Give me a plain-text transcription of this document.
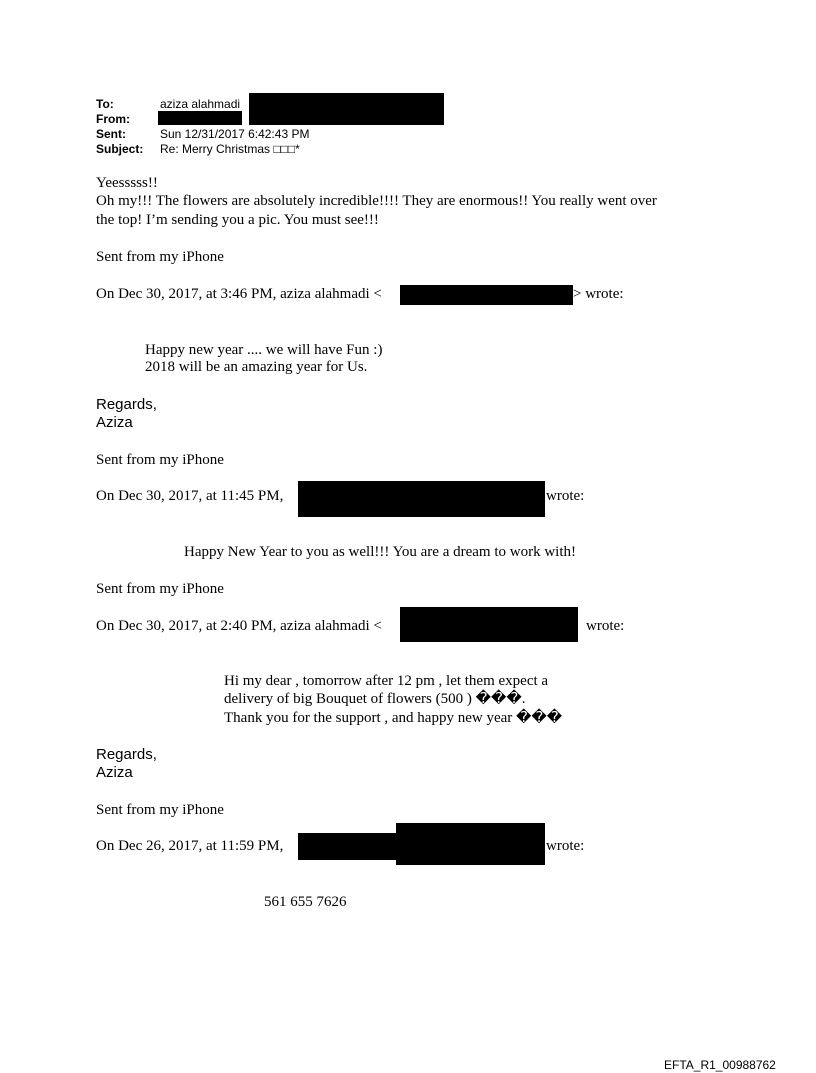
To:	aziza alahmadi
From:
Sent:	Sun 12/31/2017 6:42:43 PM
Subject: Re: Merry Christmas □□□*
Yeesssss!!
Oh my!!! The flowers are absolutely incredible!!!! They are enormous!! You really went over
the top! I’m sending you a pic. You must see!!!
Sent from my iPhone
On Dec 30, 2017, at 3:46 PM, aziza alahmadi <	> wrote:
Happy new year .... we will have Fun :)
2018 will be an amazing year for Us.
Regards,
Aziza
Sent from my iPhone
On Dec 30, 2017, at 11:45 PM,	wrote:
Happy New Year to you as well!!! You are a dream to work with!
Sent from my iPhone
On Dec 30, 2017, at 2:40 PM, aziza alahmadi <	wrote:
Hi my dear , tomorrow after 12 pm , let them expect a
delivery of big Bouquet of flowers (500 ) ���.
Thank you for the support , and happy new year ���
Regards,
Aziza
Sent from my iPhone
On Dec 26, 2017, at 11:59 PM,	wrote:
561 655 7626
EFTA_R1_00988762
